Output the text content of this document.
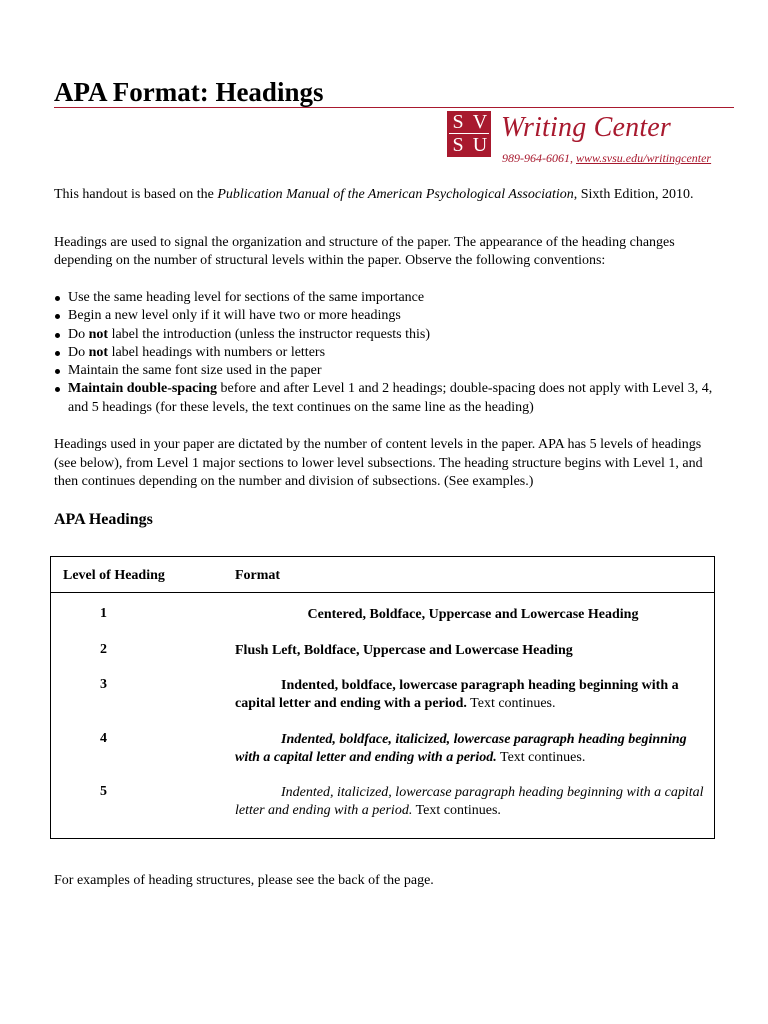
APA Format: Headings
S V
S U
Writing Center
989-964-6061, www.svsu.edu/writingcenter

This handout is based on the Publication Manual of the American Psychological Association, Sixth Edition, 2010.

Headings are used to signal the organization and structure of the paper. The appearance of the heading changes depending on the number of structural levels within the paper. Observe the following conventions:

Use the same heading level for sections of the same importance
Begin a new level only if it will have two or more headings
Do not label the introduction (unless the instructor requests this)
Do not label headings with numbers or letters
Maintain the same font size used in the paper
Maintain double-spacing before and after Level 1 and 2 headings; double-spacing does not apply with Level 3, 4, and 5 headings (for these levels, the text continues on the same line as the heading)

Headings used in your paper are dictated by the number of content levels in the paper. APA has 5 levels of headings (see below), from Level 1 major sections to lower level subsections. The heading structure begins with Level 1, and then continues depending on the number and division of subsections. (See examples.)

APA Headings
Level of Heading	Format
1	Centered, Boldface, Uppercase and Lowercase Heading
2	Flush Left, Boldface, Uppercase and Lowercase Heading
3	Indented, boldface, lowercase paragraph heading beginning with a capital letter and ending with a period. Text continues.
4	Indented, boldface, italicized, lowercase paragraph heading beginning with a capital letter and ending with a period. Text continues.
5	Indented, italicized, lowercase paragraph heading beginning with a capital letter and ending with a period. Text continues.
For examples of heading structures, please see the back of the page.
